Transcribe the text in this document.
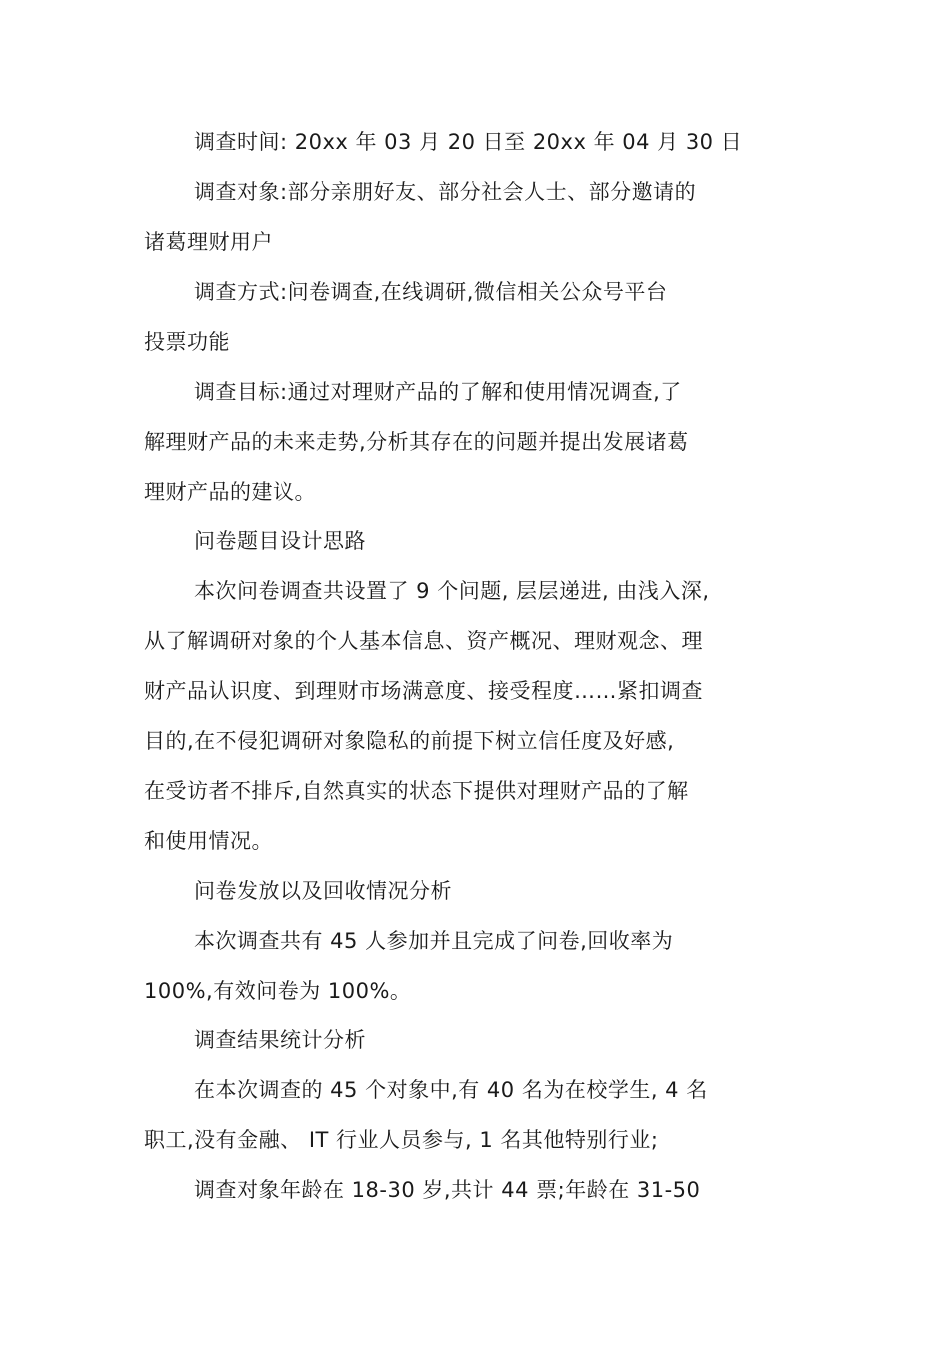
调查时间: 20xx 年 03 月 20 日至 20xx 年 04 月 30 日
调查对象:部分亲朋好友、部分社会人士、部分邀请的
诸葛理财用户
调查方式:问卷调查,在线调研,微信相关公众号平台
投票功能
调查目标:通过对理财产品的了解和使用情况调查,了
解理财产品的未来走势,分析其存在的问题并提出发展诸葛
理财产品的建议。
问卷题目设计思路
本次问卷调查共设置了 9 个问题, 层层递进, 由浅入深,
从了解调研对象的个人基本信息、资产概况、理财观念、理
财产品认识度、到理财市场满意度、接受程度……紧扣调查
目的,在不侵犯调研对象隐私的前提下树立信任度及好感,
在受访者不排斥,自然真实的状态下提供对理财产品的了解
和使用情况。
问卷发放以及回收情况分析
本次调查共有 45 人参加并且完成了问卷,回收率为
100%,有效问卷为 100%。
调查结果统计分析
在本次调查的 45 个对象中,有 40 名为在校学生, 4 名
职工,没有金融、 IT 行业人员参与, 1 名其他特别行业;
调查对象年龄在 18-30 岁,共计 44 票;年龄在 31-50
